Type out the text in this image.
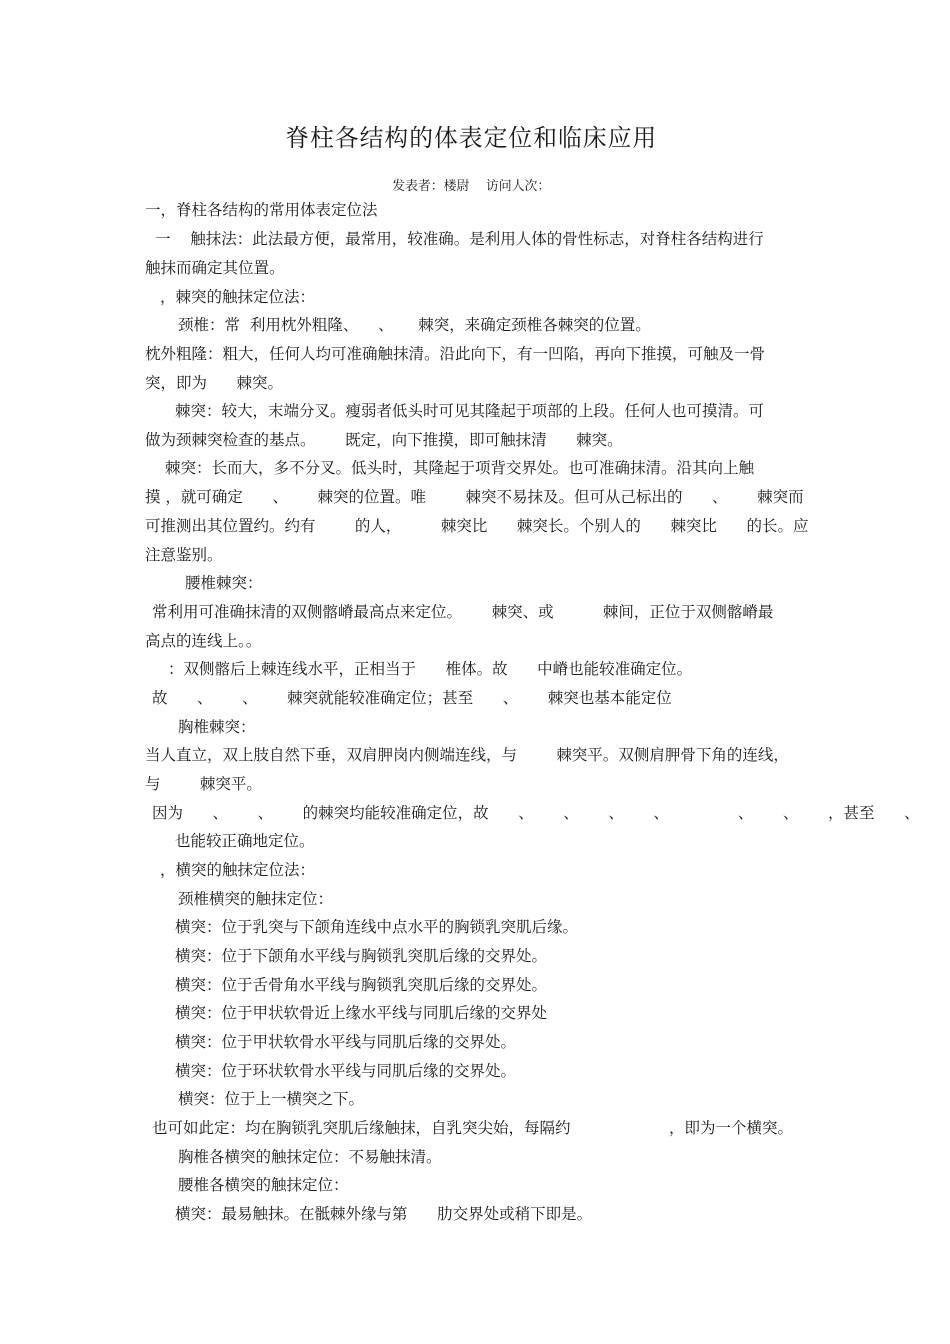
脊柱各结构的体表定位和临床应用
发表者：楼尉    访问人次：
一，脊柱各结构的常用体表定位法
一    触抹法：此法最方便，最常用，较准确。是利用人体的骨性标志，对脊柱各结构进行
触抹而确定其位置。
，棘突的触抹定位法：
颈椎：常  利用枕外粗隆、    、     棘突，来确定颈椎各棘突的位置。
枕外粗隆：粗大，任何人均可准确触抹清。沿此向下，有一凹陷，再向下推摸，可触及一骨
突，即为      棘突。
棘突：较大，末端分叉。瘦弱者低头时可见其隆起于项部的上段。任何人也可摸清。可
做为颈棘突检查的基点。      既定，向下推摸，即可触抹清      棘突。
棘突：长而大，多不分叉。低头时，其隆起于项背交界处。也可准确抹清。沿其向上触
摸 ，就可确定      、      棘突的位置。唯        棘突不易抹及。但可从己标出的      、      棘突而
可推测出其位置约。约有        的人，        棘突比      棘突长。个别人的      棘突比      的长。应
注意鉴别。
腰椎棘突：
常利用可准确抹清的双侧髂嵴最高点来定位。      棘突、或          棘间，正位于双侧髂嵴最
高点的连线上。。
：双侧髂后上棘连线水平，正相当于      椎体。故      中嵴也能较准确定位。
故      、      、      棘突就能较准确定位；甚至      、      棘突也基本能定位
胸椎棘突：
当人直立，双上肢自然下垂，双肩胛岗内侧端连线，与        棘突平。双侧肩胛骨下角的连线，
与        棘突平。
因为      、      、      的棘突均能较准确定位，故      、      、      、      、              、      、      ，甚至      、
也能较正确地定位。
，横突的触抹定位法：
颈椎横突的触抹定位：
横突：位于乳突与下颌角连线中点水平的胸锁乳突肌后缘。
横突：位于下颌角水平线与胸锁乳突肌后缘的交界处。
横突：位于舌骨角水平线与胸锁乳突肌后缘的交界处。
横突：位于甲状软骨近上缘水平线与同肌后缘的交界处
横突：位于甲状软骨水平线与同肌后缘的交界处。
横突：位于环状软骨水平线与同肌后缘的交界处。
横突：位于上一横突之下。
也可如此定：均在胸锁乳突肌后缘触抹，自乳突尖始，每隔约                    ，即为一个横突。
胸椎各横突的触抹定位：不易触抹清。
腰椎各横突的触抹定位：
横突：最易触抹。在骶棘外缘与第      肋交界处或稍下即是。
